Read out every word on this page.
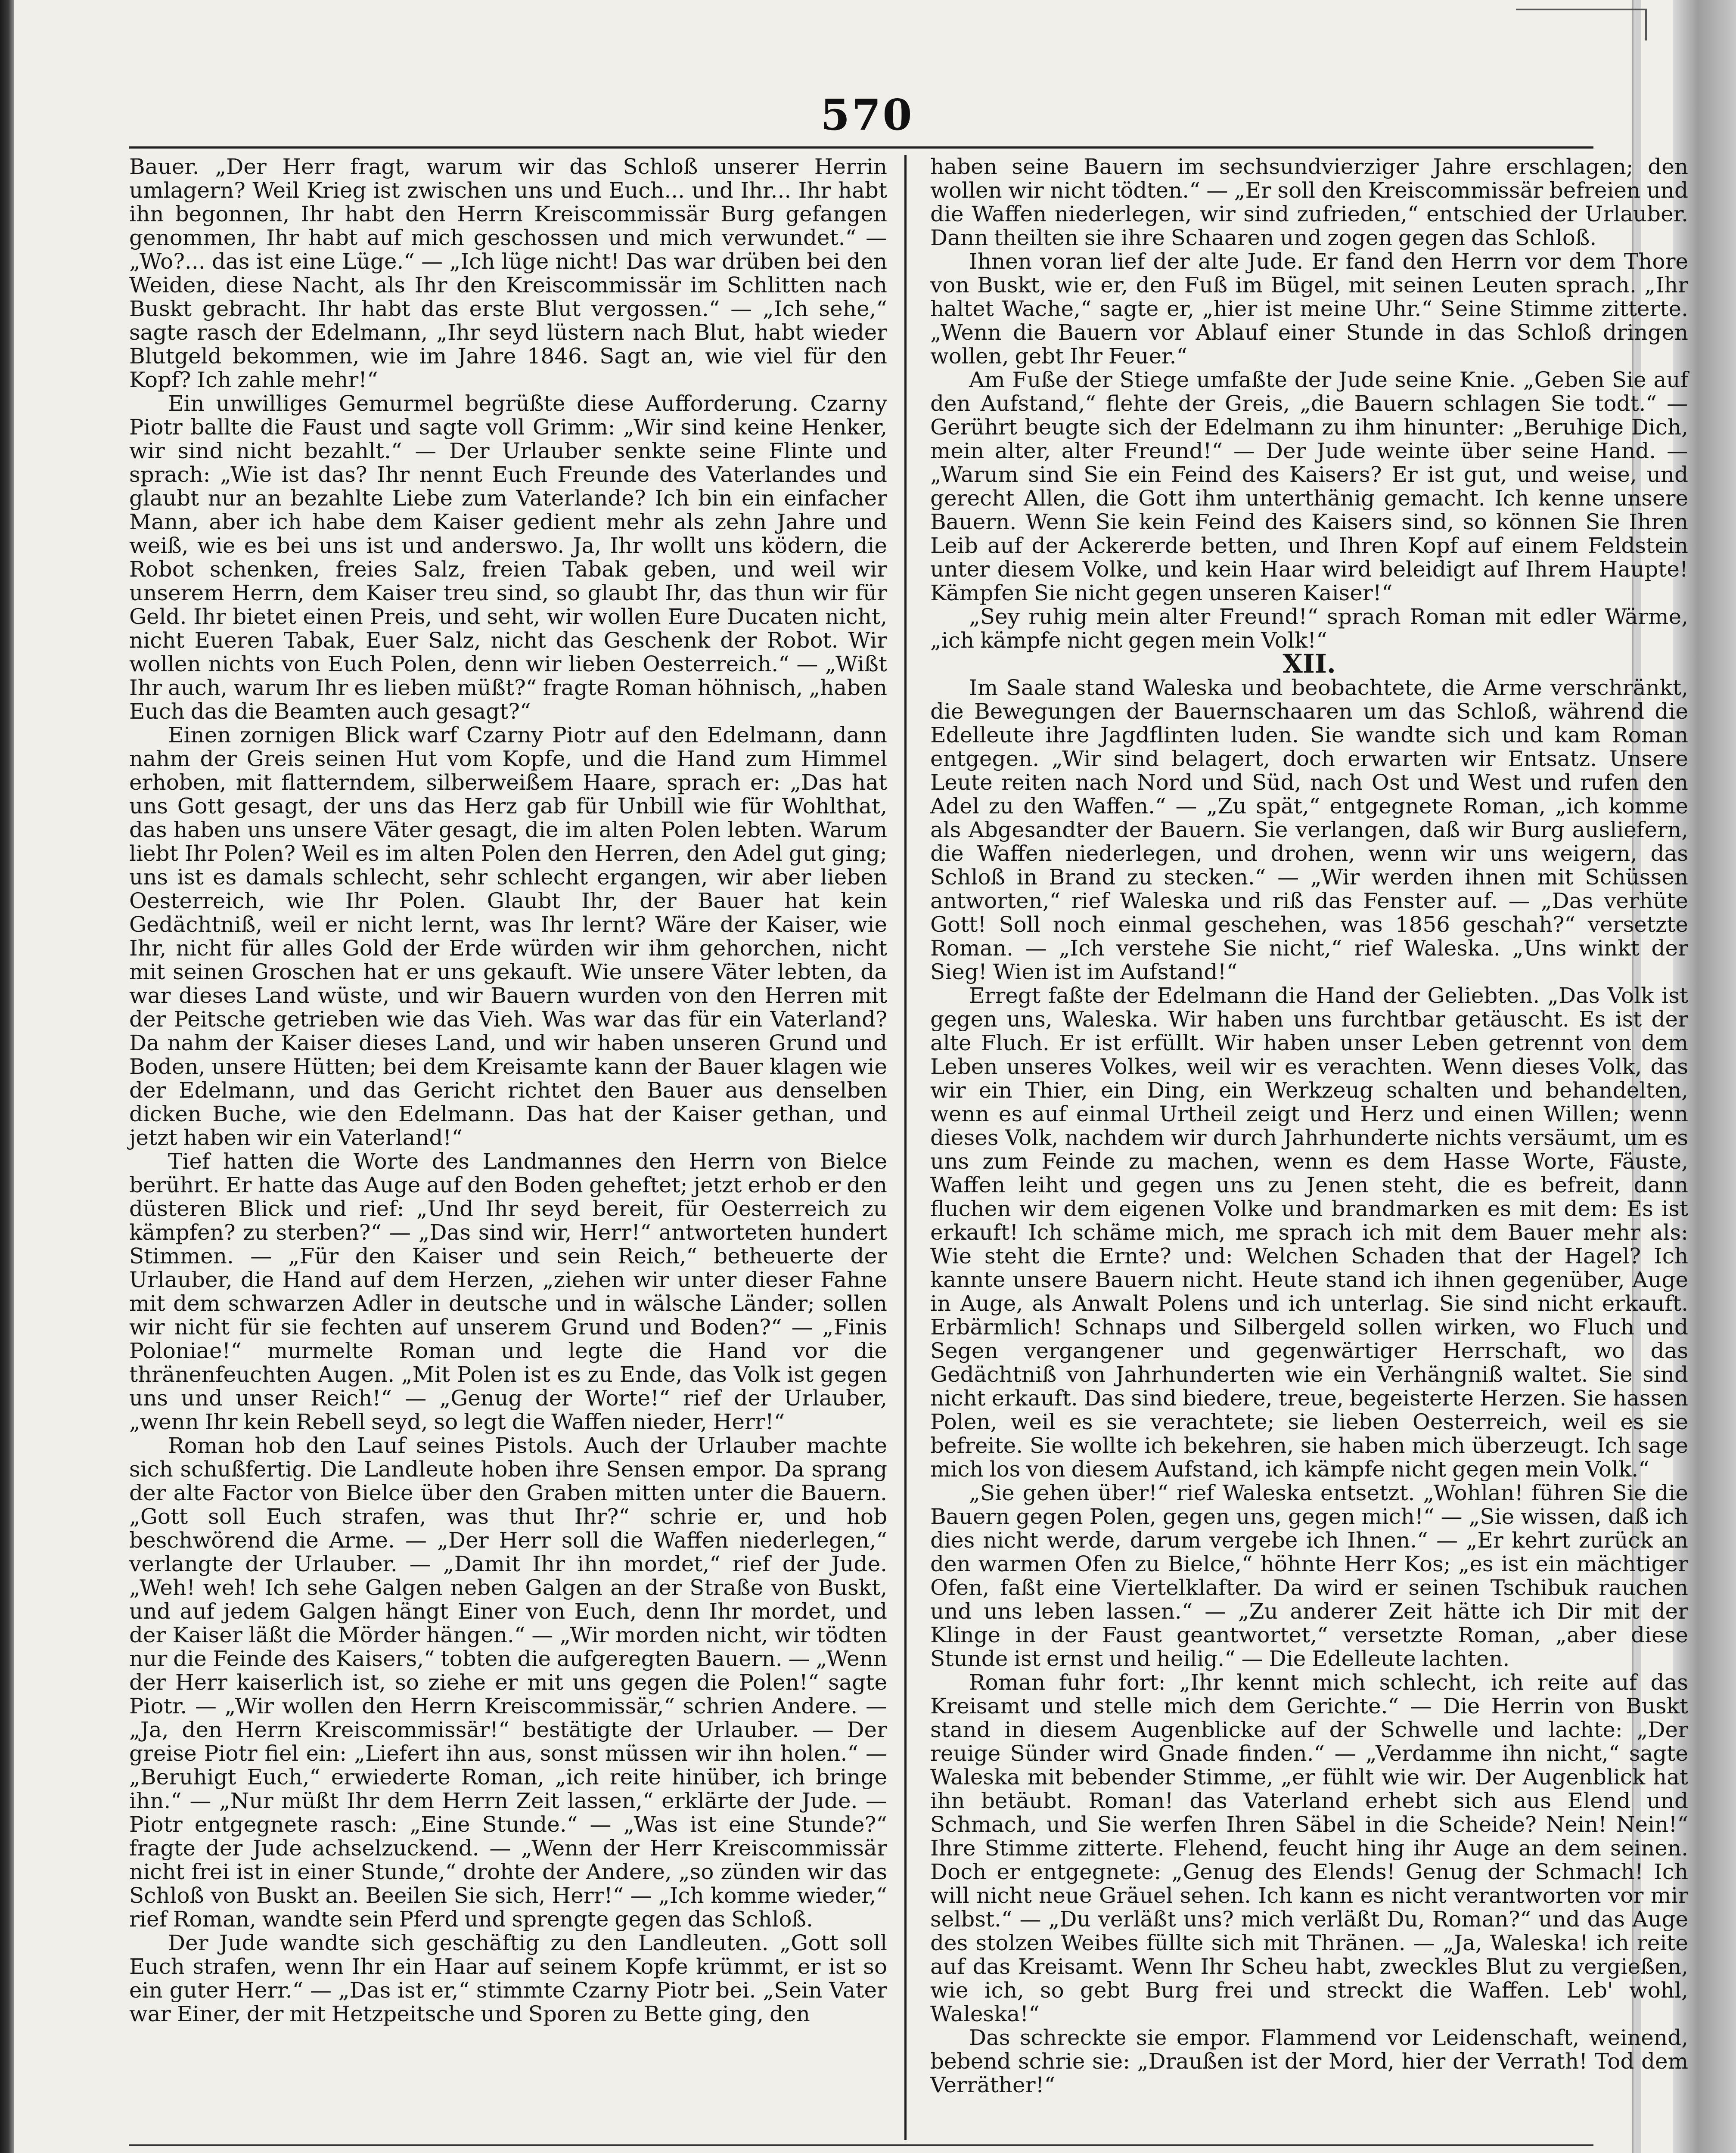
570

Bauer. „Der Herr fragt, warum wir das Schloß unserer Herrin umlagern? Weil Krieg ist zwischen uns und Euch... und Ihr... Ihr habt ihn begonnen, Ihr habt den Herrn Kreiscommissär Burg gefangen genommen, Ihr habt auf mich geschossen und mich verwundet.“ — „Wo?... das ist eine Lüge.“ — „Ich lüge nicht! Das war drüben bei den Weiden, diese Nacht, als Ihr den Kreiscommissär im Schlitten nach Buskt gebracht. Ihr habt das erste Blut vergossen.“ — „Ich sehe,“ sagte rasch der Edelmann, „Ihr seyd lüstern nach Blut, habt wieder Blutgeld bekommen, wie im Jahre 1846. Sagt an, wie viel für den Kopf? Ich zahle mehr!“

Ein unwilliges Gemurmel begrüßte diese Aufforderung. Czarny Piotr ballte die Faust und sagte voll Grimm: „Wir sind keine Henker, wir sind nicht bezahlt.“ — Der Urlauber senkte seine Flinte und sprach: „Wie ist das? Ihr nennt Euch Freunde des Vaterlandes und glaubt nur an bezahlte Liebe zum Vaterlande? Ich bin ein einfacher Mann, aber ich habe dem Kaiser gedient mehr als zehn Jahre und weiß, wie es bei uns ist und anderswo. Ja, Ihr wollt uns ködern, die Robot schenken, freies Salz, freien Tabak geben, und weil wir unserem Herrn, dem Kaiser treu sind, so glaubt Ihr, das thun wir für Geld. Ihr bietet einen Preis, und seht, wir wollen Eure Ducaten nicht, nicht Eueren Tabak, Euer Salz, nicht das Geschenk der Robot. Wir wollen nichts von Euch Polen, denn wir lieben Oesterreich.“ — „Wißt Ihr auch, warum Ihr es lieben müßt?“ fragte Roman höhnisch, „haben Euch das die Beamten auch gesagt?“

Einen zornigen Blick warf Czarny Piotr auf den Edelmann, dann nahm der Greis seinen Hut vom Kopfe, und die Hand zum Himmel erhoben, mit flatterndem, silberweißem Haare, sprach er: „Das hat uns Gott gesagt, der uns das Herz gab für Unbill wie für Wohlthat, das haben uns unsere Väter gesagt, die im alten Polen lebten. Warum liebt Ihr Polen? Weil es im alten Polen den Herren, den Adel gut ging; uns ist es damals schlecht, sehr schlecht ergangen, wir aber lieben Oesterreich, wie Ihr Polen. Glaubt Ihr, der Bauer hat kein Gedächtniß, weil er nicht lernt, was Ihr lernt? Wäre der Kaiser, wie Ihr, nicht für alles Gold der Erde würden wir ihm gehorchen, nicht mit seinen Groschen hat er uns gekauft. Wie unsere Väter lebten, da war dieses Land wüste, und wir Bauern wurden von den Herren mit der Peitsche getrieben wie das Vieh. Was war das für ein Vaterland? Da nahm der Kaiser dieses Land, und wir haben unseren Grund und Boden, unsere Hütten; bei dem Kreisamte kann der Bauer klagen wie der Edelmann, und das Gericht richtet den Bauer aus denselben dicken Buche, wie den Edelmann. Das hat der Kaiser gethan, und jetzt haben wir ein Vaterland!“

Tief hatten die Worte des Landmannes den Herrn von Bielce berührt. Er hatte das Auge auf den Boden geheftet; jetzt erhob er den düsteren Blick und rief: „Und Ihr seyd bereit, für Oesterreich zu kämpfen? zu sterben?“ — „Das sind wir, Herr!“ antworteten hundert Stimmen. — „Für den Kaiser und sein Reich,“ betheuerte der Urlauber, die Hand auf dem Herzen, „ziehen wir unter dieser Fahne mit dem schwarzen Adler in deutsche und in wälsche Länder; sollen wir nicht für sie fechten auf unserem Grund und Boden?“ — „Finis Poloniae!“ murmelte Roman und legte die Hand vor die thränenfeuchten Augen. „Mit Polen ist es zu Ende, das Volk ist gegen uns und unser Reich!“ — „Genug der Worte!“ rief der Urlauber, „wenn Ihr kein Rebell seyd, so legt die Waffen nieder, Herr!“

Roman hob den Lauf seines Pistols. Auch der Urlauber machte sich schußfertig. Die Landleute hoben ihre Sensen empor. Da sprang der alte Factor von Bielce über den Graben mitten unter die Bauern. „Gott soll Euch strafen, was thut Ihr?“ schrie er, und hob beschwörend die Arme. — „Der Herr soll die Waffen niederlegen,“ verlangte der Urlauber. — „Damit Ihr ihn mordet,“ rief der Jude. „Weh! weh! Ich sehe Galgen neben Galgen an der Straße von Buskt, und auf jedem Galgen hängt Einer von Euch, denn Ihr mordet, und der Kaiser läßt die Mörder hängen.“ — „Wir morden nicht, wir tödten nur die Feinde des Kaisers,“ tobten die aufgeregten Bauern. — „Wenn der Herr kaiserlich ist, so ziehe er mit uns gegen die Polen!“ sagte Piotr. — „Wir wollen den Herrn Kreiscommissär,“ schrien Andere. — „Ja, den Herrn Kreiscommissär!“ bestätigte der Urlauber. — Der greise Piotr fiel ein: „Liefert ihn aus, sonst müssen wir ihn holen.“ — „Beruhigt Euch,“ erwiederte Roman, „ich reite hinüber, ich bringe ihn.“ — „Nur müßt Ihr dem Herrn Zeit lassen,“ erklärte der Jude. — Piotr entgegnete rasch: „Eine Stunde.“ — „Was ist eine Stunde?“ fragte der Jude achselzuckend. — „Wenn der Herr Kreiscommissär nicht frei ist in einer Stunde,“ drohte der Andere, „so zünden wir das Schloß von Buskt an. Beeilen Sie sich, Herr!“ — „Ich komme wieder,“ rief Roman, wandte sein Pferd und sprengte gegen das Schloß.

Der Jude wandte sich geschäftig zu den Landleuten. „Gott soll Euch strafen, wenn Ihr ein Haar auf seinem Kopfe krümmt, er ist so ein guter Herr.“ — „Das ist er,“ stimmte Czarny Piotr bei. „Sein Vater war Einer, der mit Hetzpeitsche und Sporen zu Bette ging, den

haben seine Bauern im sechsundvierziger Jahre erschlagen; den wollen wir nicht tödten.“ — „Er soll den Kreiscommissär befreien und die Waffen niederlegen, wir sind zufrieden,“ entschied der Urlauber. Dann theilten sie ihre Schaaren und zogen gegen das Schloß.

Ihnen voran lief der alte Jude. Er fand den Herrn vor dem Thore von Buskt, wie er, den Fuß im Bügel, mit seinen Leuten sprach. „Ihr haltet Wache,“ sagte er, „hier ist meine Uhr.“ Seine Stimme zitterte. „Wenn die Bauern vor Ablauf einer Stunde in das Schloß dringen wollen, gebt Ihr Feuer.“

Am Fuße der Stiege umfaßte der Jude seine Knie. „Geben Sie auf den Aufstand,“ flehte der Greis, „die Bauern schlagen Sie todt.“ — Gerührt beugte sich der Edelmann zu ihm hinunter: „Beruhige Dich, mein alter, alter Freund!“ — Der Jude weinte über seine Hand. — „Warum sind Sie ein Feind des Kaisers? Er ist gut, und weise, und gerecht Allen, die Gott ihm unterthänig gemacht. Ich kenne unsere Bauern. Wenn Sie kein Feind des Kaisers sind, so können Sie Ihren Leib auf der Ackererde betten, und Ihren Kopf auf einem Feldstein unter diesem Volke, und kein Haar wird beleidigt auf Ihrem Haupte! Kämpfen Sie nicht gegen unseren Kaiser!“

„Sey ruhig mein alter Freund!“ sprach Roman mit edler Wärme, „ich kämpfe nicht gegen mein Volk!“

XII.

Im Saale stand Waleska und beobachtete, die Arme verschränkt, die Bewegungen der Bauernschaaren um das Schloß, während die Edelleute ihre Jagdflinten luden. Sie wandte sich und kam Roman entgegen. „Wir sind belagert, doch erwarten wir Entsatz. Unsere Leute reiten nach Nord und Süd, nach Ost und West und rufen den Adel zu den Waffen.“ — „Zu spät,“ entgegnete Roman, „ich komme als Abgesandter der Bauern. Sie verlangen, daß wir Burg ausliefern, die Waffen niederlegen, und drohen, wenn wir uns weigern, das Schloß in Brand zu stecken.“ — „Wir werden ihnen mit Schüssen antworten,“ rief Waleska und riß das Fenster auf. — „Das verhüte Gott! Soll noch einmal geschehen, was 1856 geschah?“ versetzte Roman. — „Ich verstehe Sie nicht,“ rief Waleska. „Uns winkt der Sieg! Wien ist im Aufstand!“

Erregt faßte der Edelmann die Hand der Geliebten. „Das Volk ist gegen uns, Waleska. Wir haben uns furchtbar getäuscht. Es ist der alte Fluch. Er ist erfüllt. Wir haben unser Leben getrennt von dem Leben unseres Volkes, weil wir es verachten. Wenn dieses Volk, das wir ein Thier, ein Ding, ein Werkzeug schalten und behandelten, wenn es auf einmal Urtheil zeigt und Herz und einen Willen; wenn dieses Volk, nachdem wir durch Jahrhunderte nichts versäumt, um es uns zum Feinde zu machen, wenn es dem Hasse Worte, Fäuste, Waffen leiht und gegen uns zu Jenen steht, die es befreit, dann fluchen wir dem eigenen Volke und brandmarken es mit dem: Es ist erkauft! Ich schäme mich, me sprach ich mit dem Bauer mehr als: Wie steht die Ernte? und: Welchen Schaden that der Hagel? Ich kannte unsere Bauern nicht. Heute stand ich ihnen gegenüber, Auge in Auge, als Anwalt Polens und ich unterlag. Sie sind nicht erkauft. Erbärmlich! Schnaps und Silbergeld sollen wirken, wo Fluch und Segen vergangener und gegenwärtiger Herrschaft, wo das Gedächtniß von Jahrhunderten wie ein Verhängniß waltet. Sie sind nicht erkauft. Das sind biedere, treue, begeisterte Herzen. Sie hassen Polen, weil es sie verachtete; sie lieben Oesterreich, weil es sie befreite. Sie wollte ich bekehren, sie haben mich überzeugt. Ich sage mich los von diesem Aufstand, ich kämpfe nicht gegen mein Volk.“

„Sie gehen über!“ rief Waleska entsetzt. „Wohlan! führen Sie die Bauern gegen Polen, gegen uns, gegen mich!“ — „Sie wissen, daß ich dies nicht werde, darum vergebe ich Ihnen.“ — „Er kehrt zurück an den warmen Ofen zu Bielce,“ höhnte Herr Kos; „es ist ein mächtiger Ofen, faßt eine Viertelklafter. Da wird er seinen Tschibuk rauchen und uns leben lassen.“ — „Zu anderer Zeit hätte ich Dir mit der Klinge in der Faust geantwortet,“ versetzte Roman, „aber diese Stunde ist ernst und heilig.“ — Die Edelleute lachten.

Roman fuhr fort: „Ihr kennt mich schlecht, ich reite auf das Kreisamt und stelle mich dem Gerichte.“ — Die Herrin von Buskt stand in diesem Augenblicke auf der Schwelle und lachte: „Der reuige Sünder wird Gnade finden.“ — „Verdamme ihn nicht,“ sagte Waleska mit bebender Stimme, „er fühlt wie wir. Der Augenblick hat ihn betäubt. Roman! das Vaterland erhebt sich aus Elend und Schmach, und Sie werfen Ihren Säbel in die Scheide? Nein! Nein!“ Ihre Stimme zitterte. Flehend, feucht hing ihr Auge an dem seinen. Doch er entgegnete: „Genug des Elends! Genug der Schmach! Ich will nicht neue Gräuel sehen. Ich kann es nicht verantworten vor mir selbst.“ — „Du verläßt uns? mich verläßt Du, Roman?“ und das Auge des stolzen Weibes füllte sich mit Thränen. — „Ja, Waleska! ich reite auf das Kreisamt. Wenn Ihr Scheu habt, zweckles Blut zu vergießen, wie ich, so gebt Burg frei und streckt die Waffen. Leb' wohl, Waleska!“

Das schreckte sie empor. Flammend vor Leidenschaft, weinend, bebend schrie sie: „Draußen ist der Mord, hier der Verrath! Tod dem Verräther!“
